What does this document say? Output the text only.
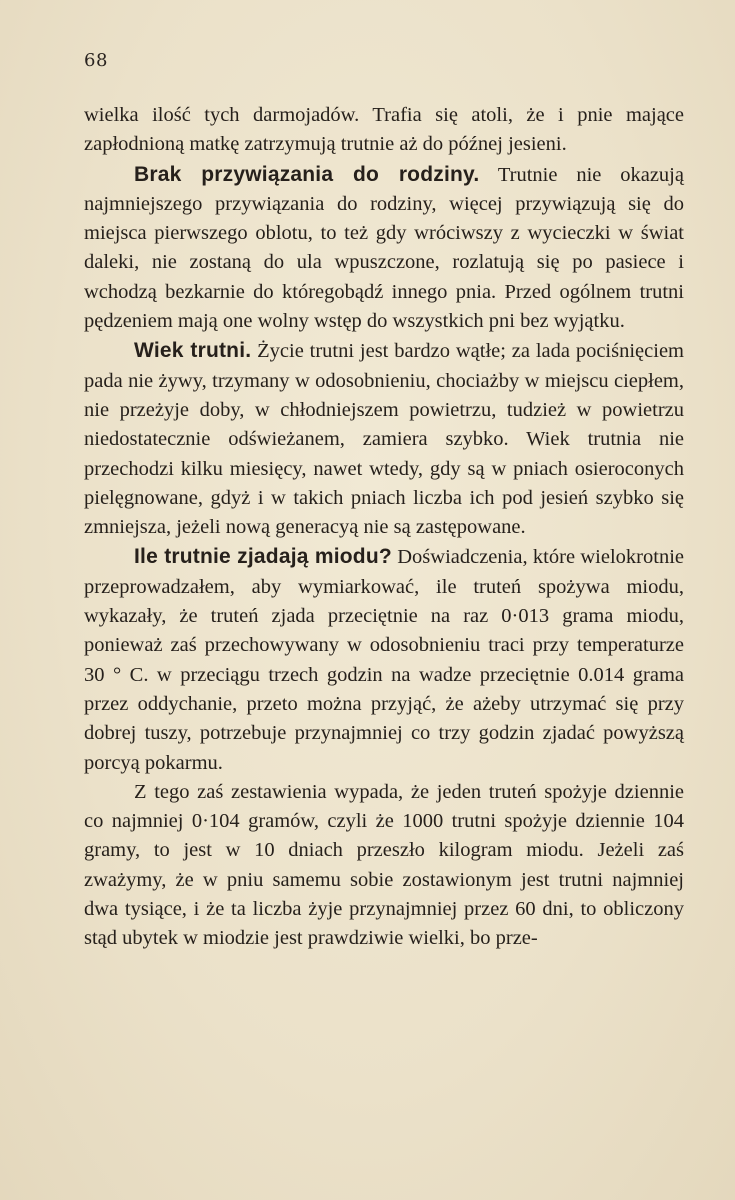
68

wielka ilość tych darmojadów. Trafia się atoli, że i pnie mające zapłodnioną matkę zatrzymują trutnie aż do późnej jesieni.

Brak przywiązania do rodziny. Trutnie nie okazują najmniejszego przywiązania do rodziny, więcej przywiązują się do miejsca pierwszego oblotu, to też gdy wróciwszy z wycieczki w świat daleki, nie zostaną do ula wpuszczone, rozlatują się po pasiece i wchodzą bezkarnie do któregobądź innego pnia. Przed ogólnem trutni pędzeniem mają one wolny wstęp do wszystkich pni bez wyjątku.

Wiek trutni. Życie trutni jest bardzo wątłe; za lada pociśnięciem pada nie żywy, trzymany w odosobnieniu, chociażby w miejscu ciepłem, nie przeżyje doby, w chłodniejszem powietrzu, tudzież w powietrzu niedostatecznie odświeżanem, zamiera szybko. Wiek trutnia nie przechodzi kilku miesięcy, nawet wtedy, gdy są w pniach osieroconych pielęgnowane, gdyż i w takich pniach liczba ich pod jesień szybko się zmniejsza, jeżeli nową generacyą nie są zastępowane.

Ile trutnie zjadają miodu? Doświadczenia, które wielokrotnie przeprowadzałem, aby wymiarkować, ile truteń spożywa miodu, wykazały, że truteń zjada przeciętnie na raz 0·013 grama miodu, ponieważ zaś przechowywany w odosobnieniu traci przy temperaturze 30 ° C. w przeciągu trzech godzin na wadze przeciętnie 0.014 grama przez oddychanie, przeto można przyjąć, że ażeby utrzymać się przy dobrej tuszy, potrzebuje przynajmniej co trzy godzin zjadać powyższą porcyą pokarmu.

Z tego zaś zestawienia wypada, że jeden truteń spożyje dziennie co najmniej 0·104 gramów, czyli że 1000 trutni spożyje dziennie 104 gramy, to jest w 10 dniach przeszło kilogram miodu. Jeżeli zaś zważymy, że w pniu samemu sobie zostawionym jest trutni najmniej dwa tysiące, i że ta liczba żyje przynajmniej przez 60 dni, to obliczony stąd ubytek w miodzie jest prawdziwie wielki, bo prze-
